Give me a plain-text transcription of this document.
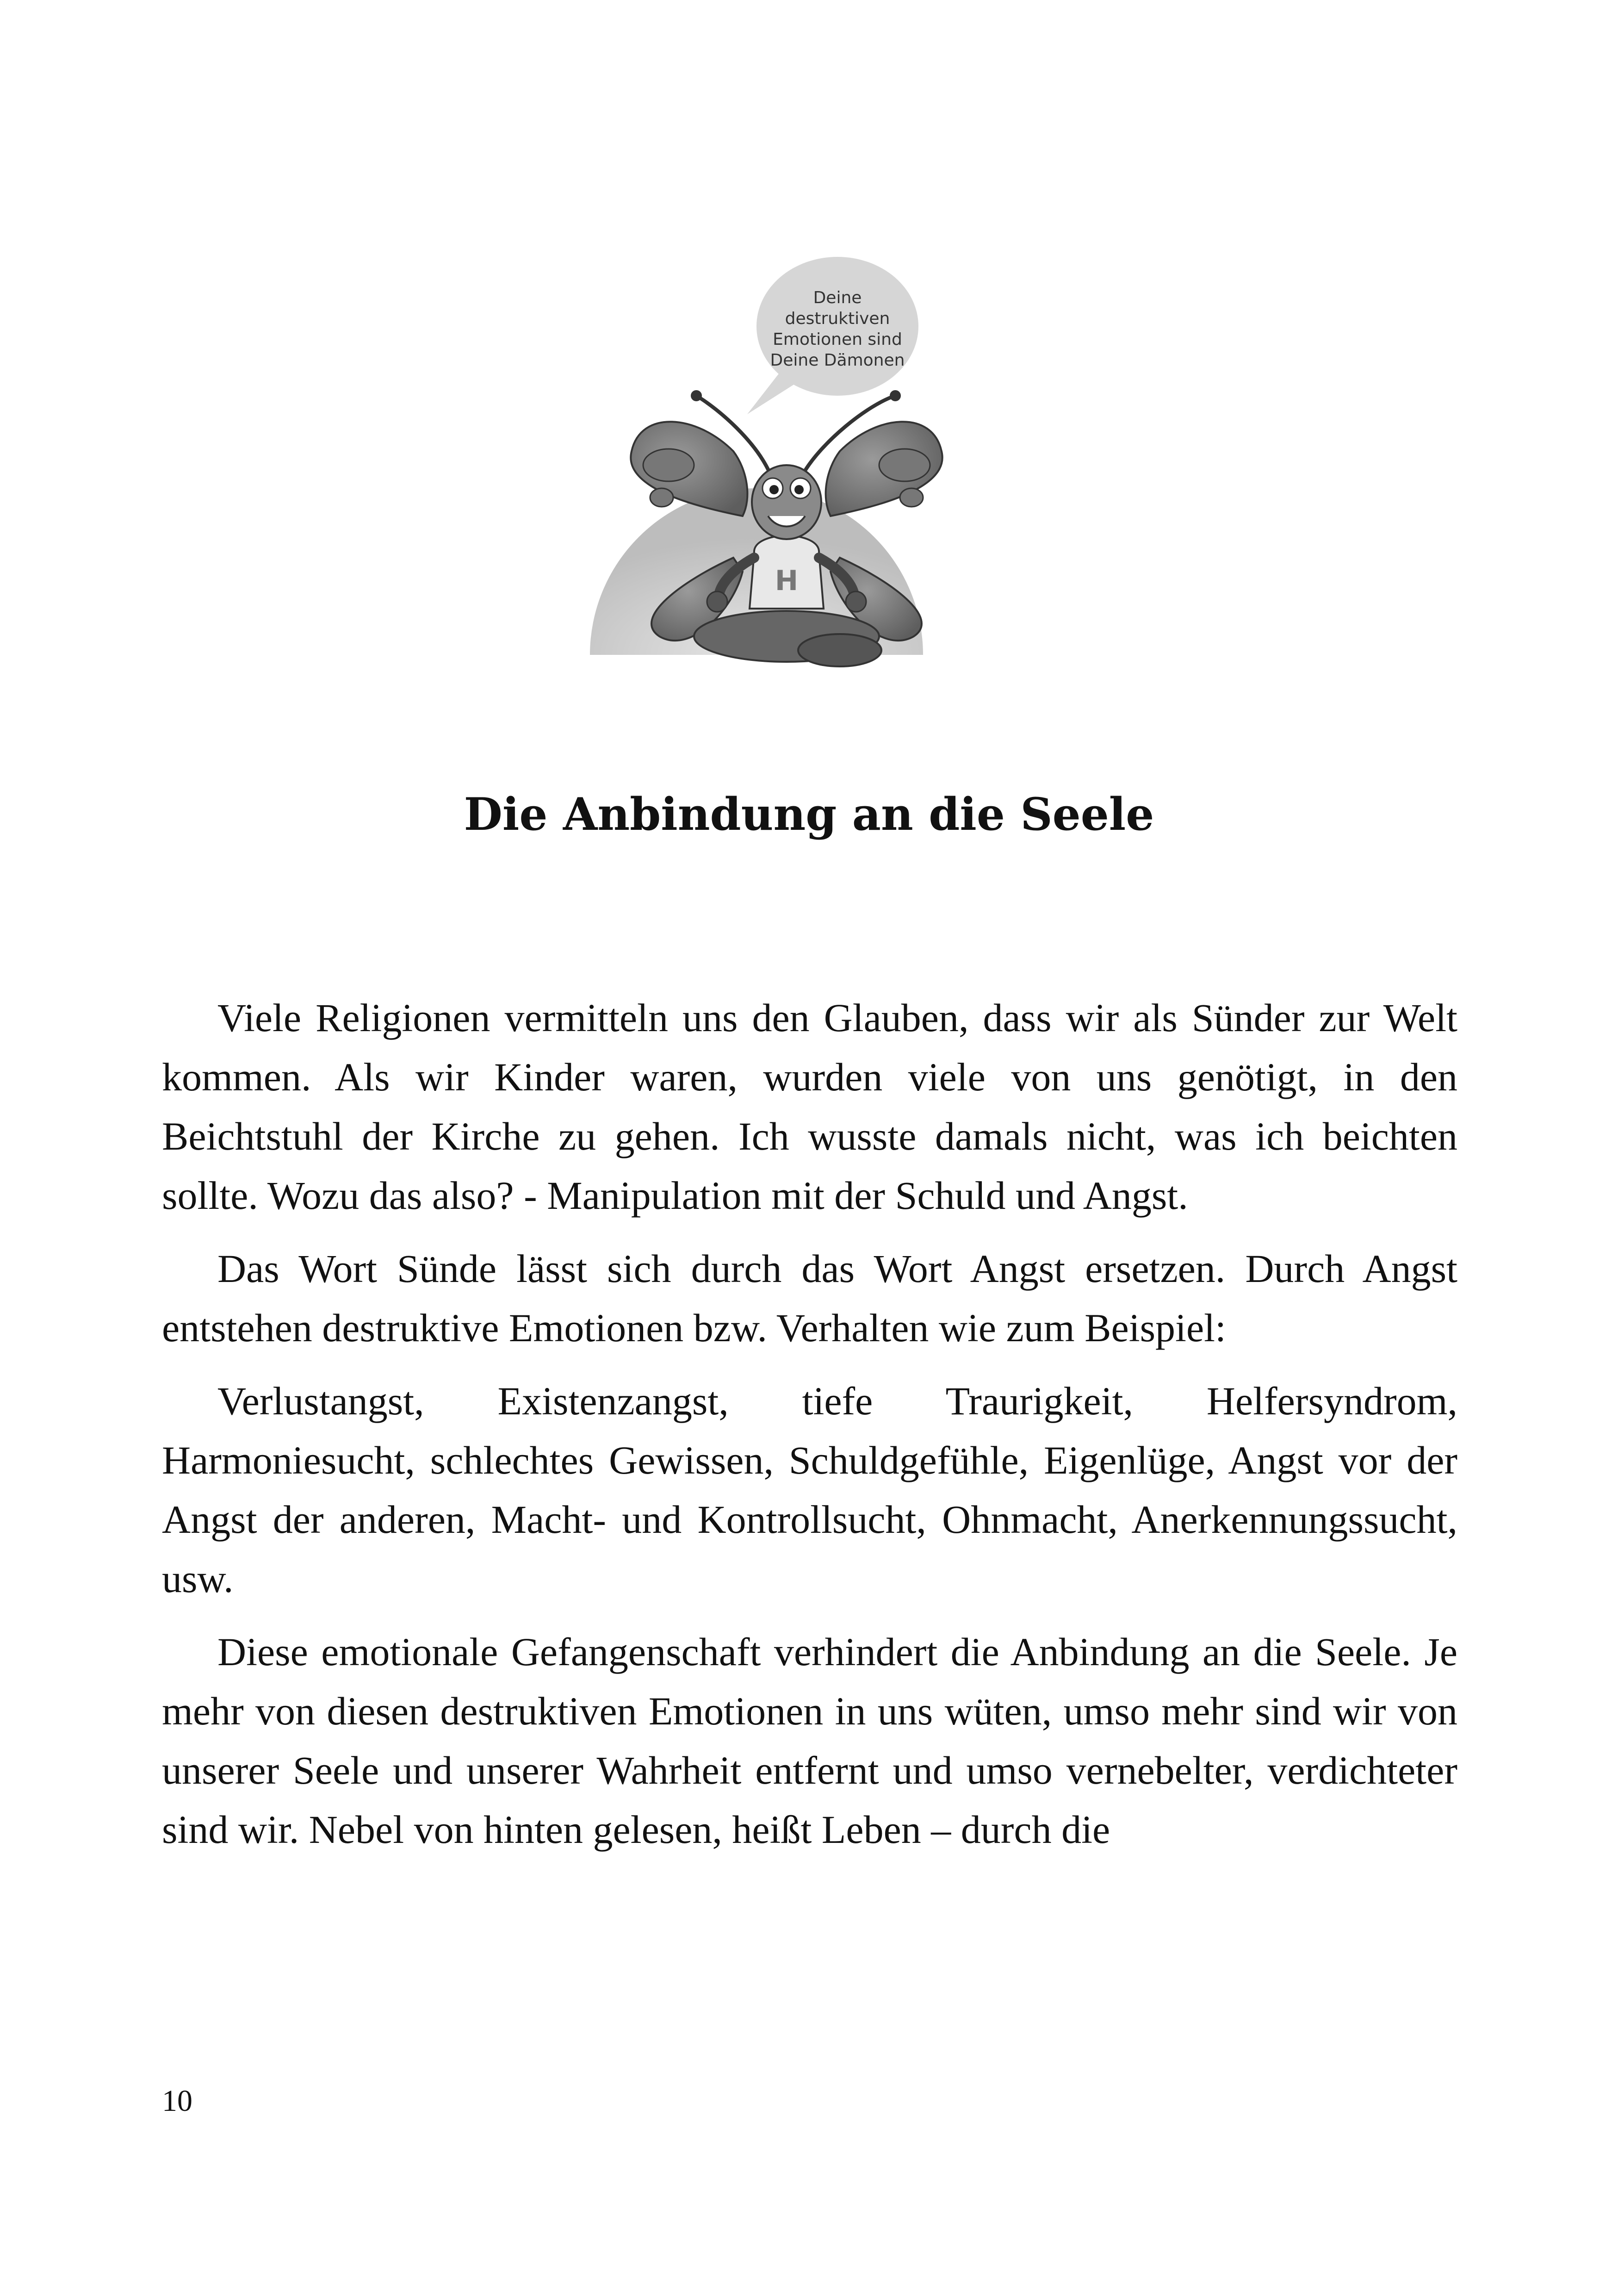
Deine
destruktiven
Emotionen sind
Deine Dämonen
H
Die Anbindung an die Seele

Viele Religionen vermitteln uns den Glauben, dass wir als Sünder zur Welt kommen. Als wir Kinder waren, wurden viele von uns genötigt, in den Beichtstuhl der Kirche zu gehen. Ich wusste damals nicht, was ich beichten sollte. Wozu das also? - Manipulation mit der Schuld und Angst.

Das Wort Sünde lässt sich durch das Wort Angst ersetzen. Durch Angst entstehen destruktive Emotionen bzw. Verhalten wie zum Beispiel:

Verlustangst, Existenzangst, tiefe Traurigkeit, Helfersyndrom, Harmoniesucht, schlechtes Gewissen, Schuldgefühle, Eigenlüge, Angst vor der Angst der anderen, Macht- und Kontrollsucht, Ohnmacht, Anerkennungssucht, usw.

Diese emotionale Gefangenschaft verhindert die Anbindung an die Seele. Je mehr von diesen destruktiven Emotionen in uns wüten, umso mehr sind wir von unserer Seele und unserer Wahrheit entfernt und umso vernebelter, verdichteter sind wir. Nebel von hinten gelesen, heißt Leben – durch die

10
